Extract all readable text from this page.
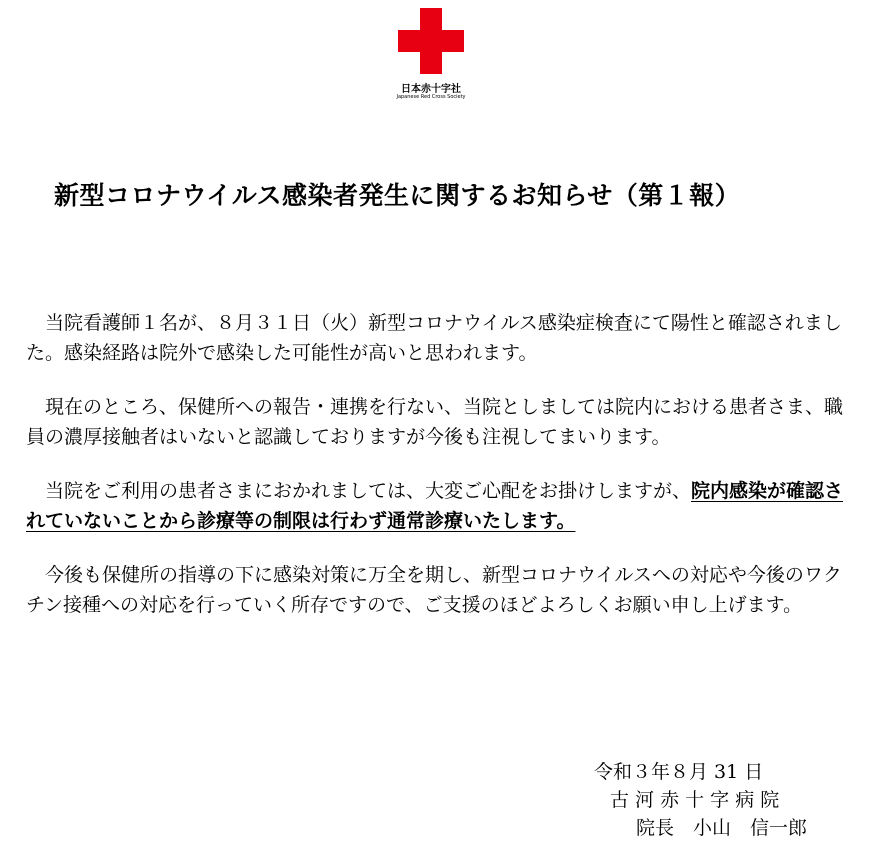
日本赤十字社
Japanese Red Cross Society
新型コロナウイルス感染者発生に関するお知らせ（第１報）

　当院看護師１名が、８月３１日（火）新型コロナウイルス感染症検査にて陽性と確認されました。感染経路は院外で感染した可能性が高いと思われます。

　現在のところ、保健所への報告・連携を行ない、当院としましては院内における患者さま、職員の濃厚接触者はいないと認識しておりますが今後も注視してまいります。

　当院をご利用の患者さまにおかれましては、大変ご心配をお掛けしますが、院内感染が確認されていないことから診療等の制限は行わず通常診療いたします。

　今後も保健所の指導の下に感染対策に万全を期し、新型コロナウイルスへの対応や今後のワクチン接種への対応を行っていく所存ですので、ご支援のほどよろしくお願い申し上げます。

令和３年８月 31 日
古 河 赤 十 字 病 院
院長　小山　信一郎
